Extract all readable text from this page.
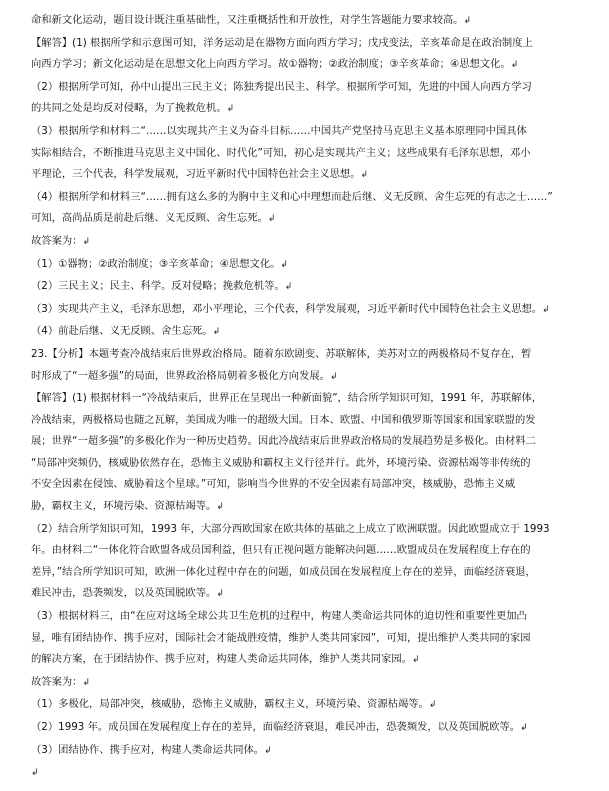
命和新文化运动，题目设计既注重基础性，又注重概括性和开放性，对学生答题能力要求较高。↲

【解答】(1) 根据所学和示意图可知，洋务运动是在器物方面向西方学习；戊戌变法，辛亥革命是在政治制度上

向西方学习；新文化运动是在思想文化上向西方学习。故①器物；②政治制度；③辛亥革命；④思想文化。↲

（2）根据所学可知，孙中山提出三民主义；陈独秀提出民主、科学。根据所学可知，先进的中国人向西方学习

的共同之处是均反对侵略，为了挽救危机。↲

（3）根据所学和材料二“……以实现共产主义为奋斗目标……中国共产党坚持马克思主义基本原理同中国具体

实际相结合，不断推进马克思主义中国化、时代化”可知，初心是实现共产主义；这些成果有毛泽东思想，邓小

平理论，三个代表，科学发展观，习近平新时代中国特色社会主义思想。↲

（4）根据所学和材料三“……拥有这么多的为胸中主义和心中理想而赴后继、义无反顾、舍生忘死的有志之士……”

可知，高尚品质是前赴后继、义无反顾、舍生忘死。↲

故答案为：↲

（1）①器物；②政治制度；③辛亥革命；④思想文化。↲

（2）三民主义；民主、科学。反对侵略；挽救危机等。↲

（3）实现共产主义，毛泽东思想，邓小平理论，三个代表，科学发展观，习近平新时代中国特色社会主义思想。↲

（4）前赴后继、义无反顾、舍生忘死。↲

23.【分析】本题考查冷战结束后世界政治格局。随着东欧剧变、苏联解体，美苏对立的两极格局不复存在，暂

时形成了“一超多强”的局面，世界政治格局朝着多极化方向发展。↲

【解答】(1) 根据材料一“冷战结束后，世界正在呈现出一种新面貌”，结合所学知识可知，1991 年，苏联解体，

冷战结束，两极格局也随之瓦解，美国成为唯一的超级大国。日本、欧盟、中国和俄罗斯等国家和国家联盟的发

展；世界“一超多强”的多极化作为一种历史趋势。因此冷战结束后世界政治格局的发展趋势是多极化。由材料二

“局部冲突频仍，核威胁依然存在，恐怖主义威胁和霸权主义行径并行。此外，环境污染、资源枯竭等非传统的

不安全因素在侵蚀、威胁着这个星球。”可知，影响当今世界的不安全因素有局部冲突，核威胁，恐怖主义威

胁，霸权主义，环境污染、资源枯竭等。↲

（2）结合所学知识可知，1993 年，大部分西欧国家在欧共体的基础之上成立了欧洲联盟。因此欧盟成立于 1993

年。由材料二“一体化符合欧盟各成员国利益，但只有正视问题方能解决问题……欧盟成员在发展程度上存在的

差异，”结合所学知识可知，欧洲一体化过程中存在的问题，如成员国在发展程度上存在的差异，面临经济衰退，

难民冲击，恐袭频发，以及英国脱欧等。↲

（3）根据材料三，由“在应对这场全球公共卫生危机的过程中，构建人类命运共同体的迫切性和重要性更加凸

显，唯有团结协作、携手应对，国际社会才能战胜疫情，维护人类共同家园”，可知，提出维护人类共同的家园

的解决方案，在于团结协作、携手应对，构建人类命运共同体，维护人类共同家园。↲

故答案为：↲

（1）多极化，局部冲突，核威胁，恐怖主义威胁，霸权主义，环境污染、资源枯竭等。↲

（2）1993 年。成员国在发展程度上存在的差异，面临经济衰退，难民冲击，恐袭频发，以及英国脱欧等。↲

（3）团结协作、携手应对，构建人类命运共同体。↲

↲
